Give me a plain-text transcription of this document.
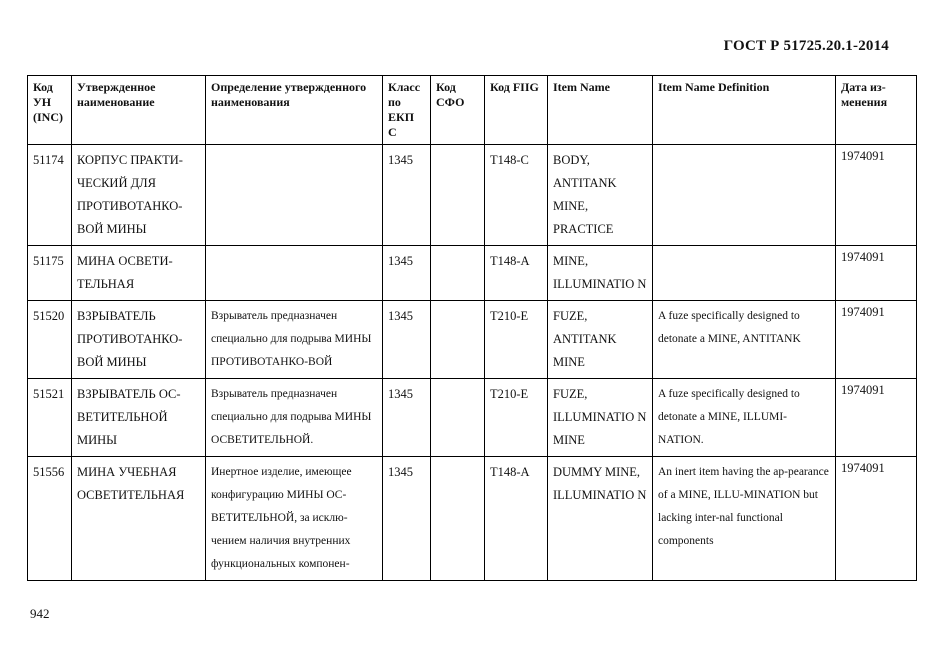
ГОСТ Р 51725.20.1-2014
Код УН (INC)	Утвержденное наименование	Определение утвержденного наименования	Класс по ЕКП С	Код СФО	Код FIIG	Item Name	Item Name Definition	Дата из-менения
51174	КОРПУС ПРАКТИ-ЧЕСКИЙ ДЛЯ ПРОТИВОТАНКО-ВОЙ МИНЫ		1345		T148-C	BODY, ANTITANK MINE, PRACTICE		1974091
51175	МИНА ОСВЕТИ-ТЕЛЬНАЯ		1345		T148-A	MINE, ILLUMINATIO N		1974091
51520	ВЗРЫВАТЕЛЬ ПРОТИВОТАНКО-ВОЙ МИНЫ	Взрыватель предназначен специально для подрыва МИНЫ ПРОТИВОТАНКО-ВОЙ	1345		T210-E	FUZE, ANTITANK MINE	A fuze specifically designed to detonate a MINE, ANTITANK	1974091
51521	ВЗРЫВАТЕЛЬ ОС-ВЕТИТЕЛЬНОЙ МИНЫ	Взрыватель предназначен специально для подрыва МИНЫ ОСВЕТИТЕЛЬНОЙ.	1345		T210-E	FUZE, ILLUMINATIO N MINE	A fuze specifically designed to detonate a MINE, ILLUMI-NATION.	1974091
51556	МИНА УЧЕБНАЯ ОСВЕТИТЕЛЬНАЯ	Инертное изделие, имеющее конфигурацию МИНЫ ОС-ВЕТИТЕЛЬНОЙ, за исклю-чением наличия внутренних функциональных компонен-	1345		T148-A	DUMMY MINE, ILLUMINATIO N	An inert item having the ap-pearance of a MINE, ILLU-MINATION but lacking inter-nal functional components	1974091
942
